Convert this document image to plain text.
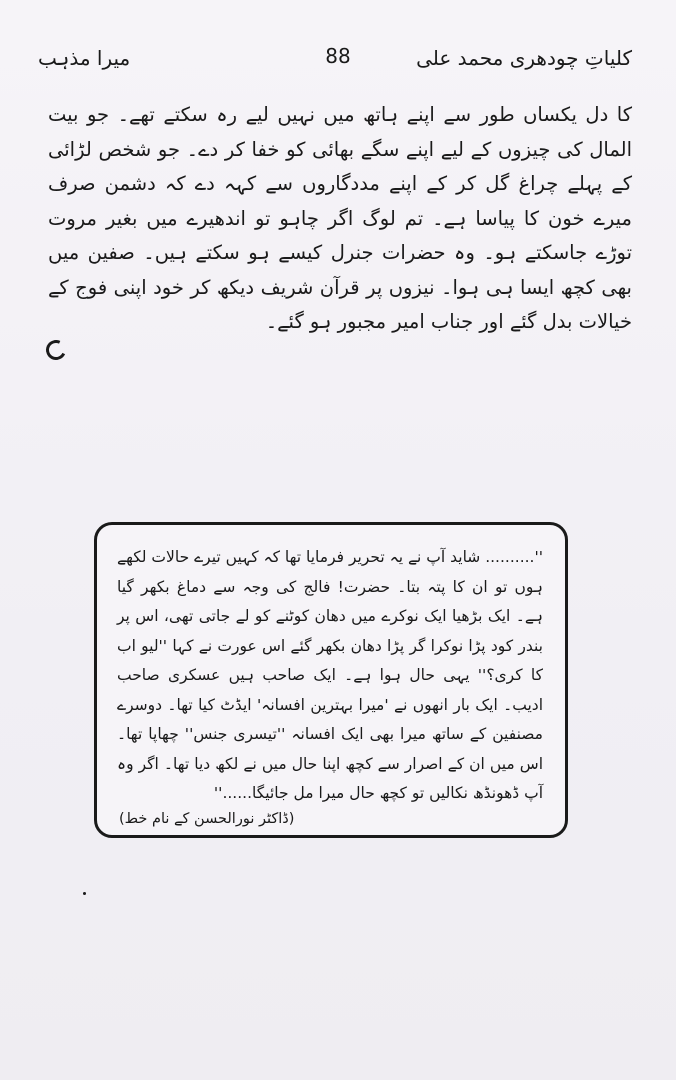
کلیاتِ چودھری محمد علی
88
میرا مذہب

کا دل یکساں طور سے اپنے ہاتھ میں نہیں لیے رہ سکتے تھے۔ جو بیت المال کی چیزوں کے لیے اپنے سگے بھائی کو خفا کر دے۔ جو شخص لڑائی کے پہلے چراغ گل کر کے اپنے مددگاروں سے کہہ دے کہ دشمن صرف میرے خون کا پیاسا ہے۔ تم لوگ اگر چاہو تو اندھیرے میں بغیر مروت توڑے جاسکتے ہو۔ وہ حضرات جنرل کیسے ہو سکتے ہیں۔ صفین میں بھی کچھ ایسا ہی ہوا۔ نیزوں پر قرآن شریف دیکھ کر خود اپنی فوج کے خیالات بدل گئے اور جناب امیر مجبور ہو گئے۔

''.......... شاید آپ نے یہ تحریر فرمایا تھا کہ کہیں تیرے حالات لکھے ہوں تو ان کا پتہ بتا۔ حضرت! فالج کی وجہ سے دماغ بکھر گیا ہے۔ ایک بڑھیا ایک نوکرے میں دھان کوٹنے کو لے جاتی تھی، اس پر بندر کود پڑا نوکرا گر پڑا دھان بکھر گئے اس عورت نے کہا ''لیو اب کا کری؟'' یہی حال ہوا ہے۔ ایک صاحب ہیں عسکری صاحب ادیب۔ ایک بار انھوں نے 'میرا بہترین افسانہ' ایڈٹ کیا تھا۔ دوسرے مصنفین کے ساتھ میرا بھی ایک افسانہ ''تیسری جنس'' چھاپا تھا۔ اس میں ان کے اصرار سے کچھ اپنا حال میں نے لکھ دیا تھا۔ اگر وہ آپ ڈھونڈھ نکالیں تو کچھ حال میرا مل جائیگا......''

(ڈاکٹر نورالحسن کے نام خط)
